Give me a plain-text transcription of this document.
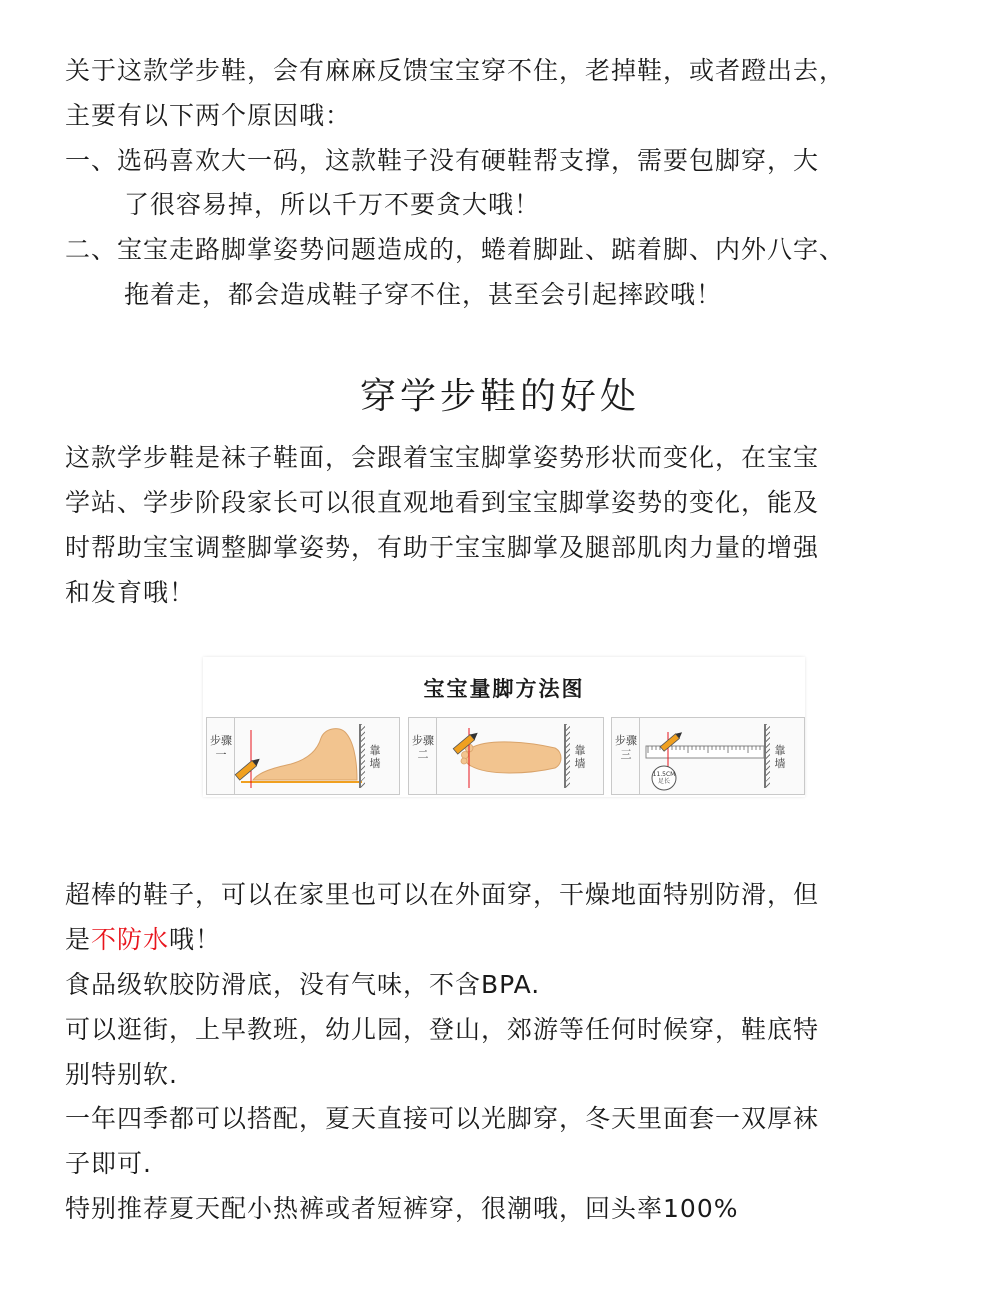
关于这款学步鞋，会有麻麻反馈宝宝穿不住，老掉鞋，或者蹬出去，
主要有以下两个原因哦：
一、选码喜欢大一码，这款鞋子没有硬鞋帮支撑，需要包脚穿，大
了很容易掉，所以千万不要贪大哦！
二、宝宝走路脚掌姿势问题造成的，蜷着脚趾、踮着脚、内外八字、
拖着走，都会造成鞋子穿不住，甚至会引起摔跤哦！
穿学步鞋的好处
这款学步鞋是袜子鞋面，会跟着宝宝脚掌姿势形状而变化，在宝宝
学站、学步阶段家长可以很直观地看到宝宝脚掌姿势的变化，能及
时帮助宝宝调整脚掌姿势，有助于宝宝脚掌及腿部肌肉力量的增强
和发育哦！
宝宝量脚方法图
步骤一	靠墙
步骤二	靠墙
步骤三
11.5CM
足长
靠墙
超棒的鞋子，可以在家里也可以在外面穿，干燥地面特别防滑，但
是不防水哦！
食品级软胶防滑底，没有气味，不含BPA.
可以逛街，上早教班，幼儿园，登山，郊游等任何时候穿，鞋底特
别特别软.
一年四季都可以搭配，夏天直接可以光脚穿，冬天里面套一双厚袜
子即可.
特别推荐夏天配小热裤或者短裤穿，很潮哦，回头率100%
